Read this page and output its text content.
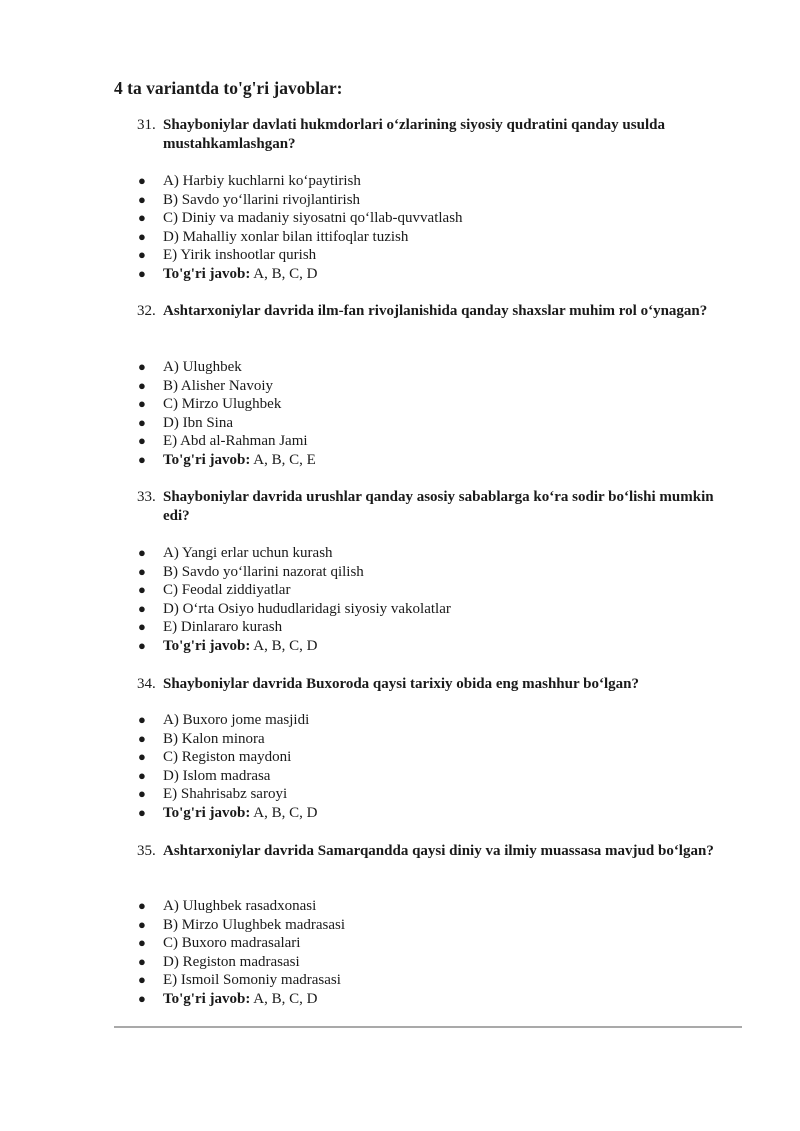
4 ta variantda to'g'ri javoblar:
31. Shayboniylar davlati hukmdorlari o‘zlarining siyosiy qudratini qanday usulda mustahkamlashgan?
● A) Harbiy kuchlarni ko‘paytirish
● B) Savdo yo‘llarini rivojlantirish
● C) Diniy va madaniy siyosatni qo‘llab-quvvatlash
● D) Mahalliy xonlar bilan ittifoqlar tuzish
● E) Yirik inshootlar qurish
● To'g'ri javob: A, B, C, D
32. Ashtarxoniylar davrida ilm-fan rivojlanishida qanday shaxslar muhim rol o‘ynagan?
● A) Ulughbek
● B) Alisher Navoiy
● C) Mirzo Ulughbek
● D) Ibn Sina
● E) Abd al-Rahman Jami
● To'g'ri javob: A, B, C, E
33. Shayboniylar davrida urushlar qanday asosiy sabablarga ko‘ra sodir bo‘lishi mumkin edi?
● A) Yangi erlar uchun kurash
● B) Savdo yo‘llarini nazorat qilish
● C) Feodal ziddiyatlar
● D) O‘rta Osiyo hududlaridagi siyosiy vakolatlar
● E) Dinlararo kurash
● To'g'ri javob: A, B, C, D
34. Shayboniylar davrida Buxoroda qaysi tarixiy obida eng mashhur bo‘lgan?
● A) Buxoro jome masjidi
● B) Kalon minora
● C) Registon maydoni
● D) Islom madrasa
● E) Shahrisabz saroyi
● To'g'ri javob: A, B, C, D
35. Ashtarxoniylar davrida Samarqandda qaysi diniy va ilmiy muassasa mavjud bo‘lgan?
● A) Ulughbek rasadxonasi
● B) Mirzo Ulughbek madrasasi
● C) Buxoro madrasalari
● D) Registon madrasasi
● E) Ismoil Somoniy madrasasi
● To'g'ri javob: A, B, C, D
